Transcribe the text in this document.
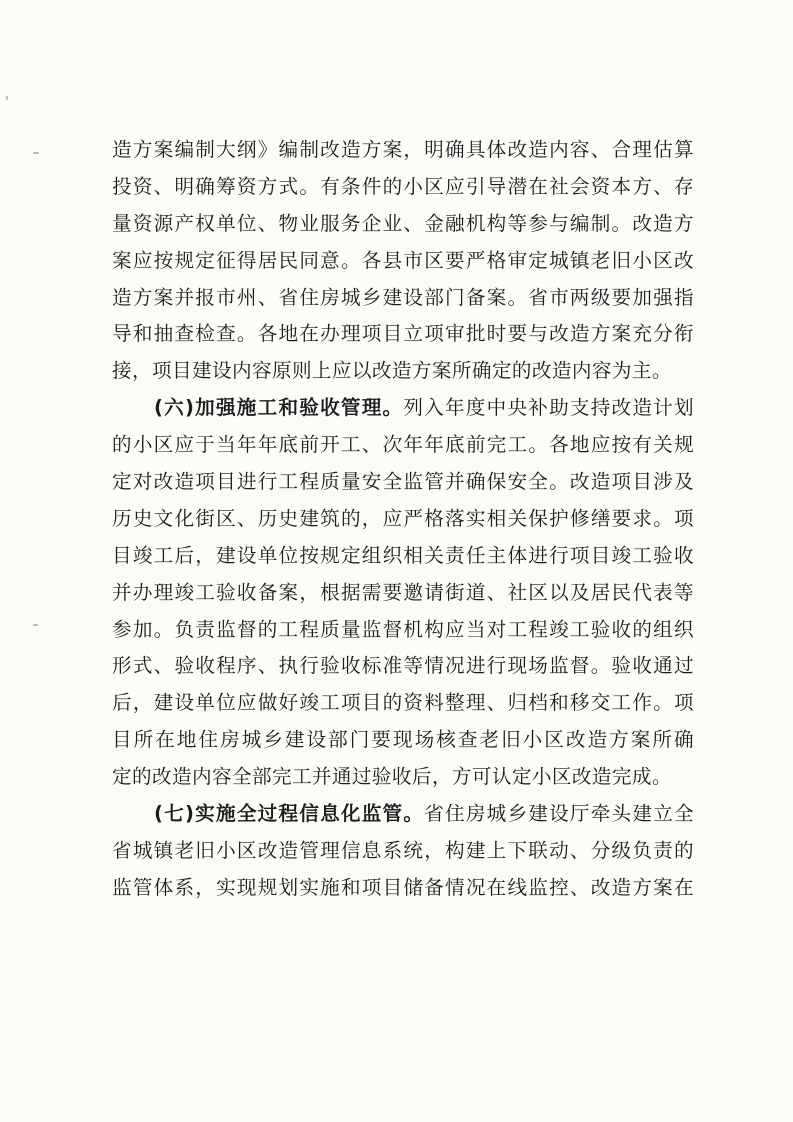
造方案编制大纲》编制改造方案，明确具体改造内容、合理估算
投资、明确筹资方式。有条件的小区应引导潜在社会资本方、存
量资源产权单位、物业服务企业、金融机构等参与编制。改造方
案应按规定征得居民同意。各县市区要严格审定城镇老旧小区改
造方案并报市州、省住房城乡建设部门备案。省市两级要加强指
导和抽查检查。各地在办理项目立项审批时要与改造方案充分衔
接，项目建设内容原则上应以改造方案所确定的改造内容为主。
(六)加强施工和验收管理。列入年度中央补助支持改造计划
的小区应于当年年底前开工、次年年底前完工。各地应按有关规
定对改造项目进行工程质量安全监管并确保安全。改造项目涉及
历史文化街区、历史建筑的，应严格落实相关保护修缮要求。项
目竣工后，建设单位按规定组织相关责任主体进行项目竣工验收
并办理竣工验收备案，根据需要邀请街道、社区以及居民代表等
参加。负责监督的工程质量监督机构应当对工程竣工验收的组织
形式、验收程序、执行验收标准等情况进行现场监督。验收通过
后，建设单位应做好竣工项目的资料整理、归档和移交工作。项
目所在地住房城乡建设部门要现场核查老旧小区改造方案所确
定的改造内容全部完工并通过验收后，方可认定小区改造完成。
(七)实施全过程信息化监管。省住房城乡建设厅牵头建立全
省城镇老旧小区改造管理信息系统，构建上下联动、分级负责的
监管体系，实现规划实施和项目储备情况在线监控、改造方案在
